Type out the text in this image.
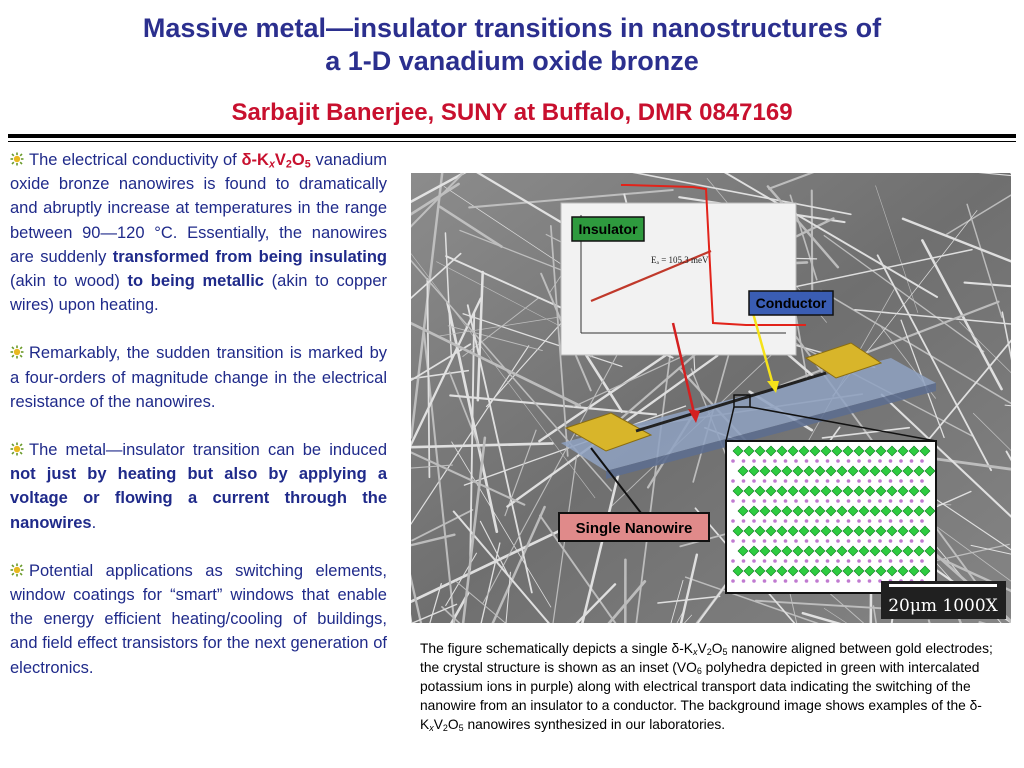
Massive metal—insulator transitions in nanostructures of
a 1-D vanadium oxide bronze
Sarbajit Banerjee, SUNY at Buffalo, DMR 0847169

The electrical conductivity of $\delta-K_xV_2O_5$ vanadium oxide bronze nanowires is found to dramatically and abruptly increase at temperatures in the range between 90—120 °C. Essentially, the nanowires are suddenly transformed from being insulating (akin to wood) to being metallic (akin to copper wires) upon heating.

Remarkably, the sudden transition is marked by a four-orders of magnitude change in the electrical resistance of the nanowires.

The metal—insulator transition can be induced not just by heating but also by applying a voltage or flowing a current through the nanowires.

Potential applications as switching elements, window coatings for “smart” windows that enable the energy efficient heating/cooling of buildings, and field effect transistors for the next generation of electronics.

Eₐ = 105.3 meV
Insulator
Conductor
Single Nanowire
20μm 1000X
The figure schematically depicts a single $\delta-K_xV_2O_5$ nanowire aligned between gold electrodes; the crystal structure is shown as an inset ($VO_6$ polyhedra depicted in green with intercalated potassium ions in purple) along with electrical transport data indicating the switching of the nanowire from an insulator to a conductor. The background image shows examples of the $\delta-K_xV_2O_5$ nanowires synthesized in our laboratories.
